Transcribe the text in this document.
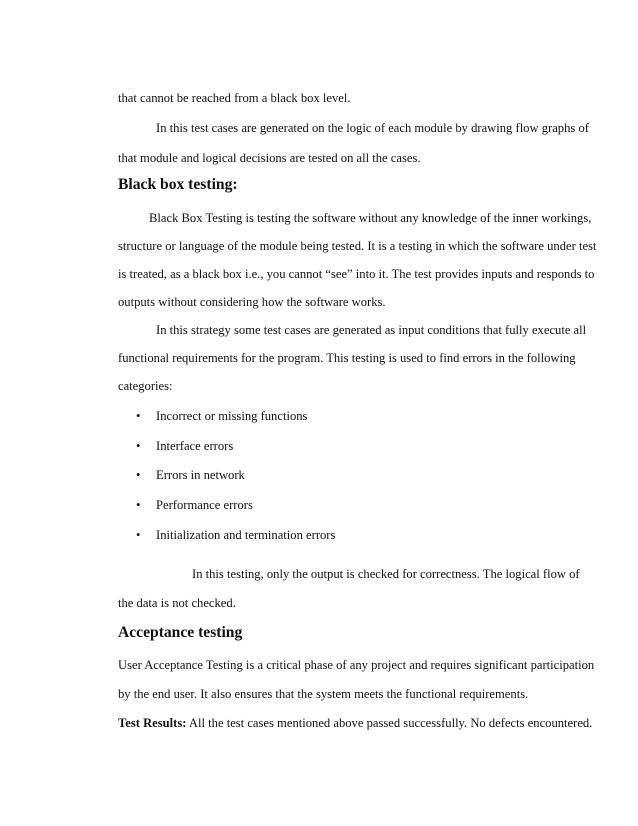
that cannot be reached from a black box level.
In this test cases are generated on the logic of each module by drawing flow graphs of
that module and logical decisions are tested on all the cases.
Black box testing:
Black Box Testing is testing the software without any knowledge of the inner workings,
structure or language of the module being tested. It is a testing in which the software under test
is treated, as a black box i.e., you cannot “see” into it. The test provides inputs and responds to
outputs without considering how the software works.
In this strategy some test cases are generated as input conditions that fully execute all
functional requirements for the program. This testing is used to find errors in the following
categories:
• Incorrect or missing functions
• Interface errors
• Errors in network
• Performance errors
• Initialization and termination errors
In this testing, only the output is checked for correctness. The logical flow of
the data is not checked.
Acceptance testing
User Acceptance Testing is a critical phase of any project and requires significant participation
by the end user. It also ensures that the system meets the functional requirements.
Test Results: All the test cases mentioned above passed successfully. No defects encountered.
